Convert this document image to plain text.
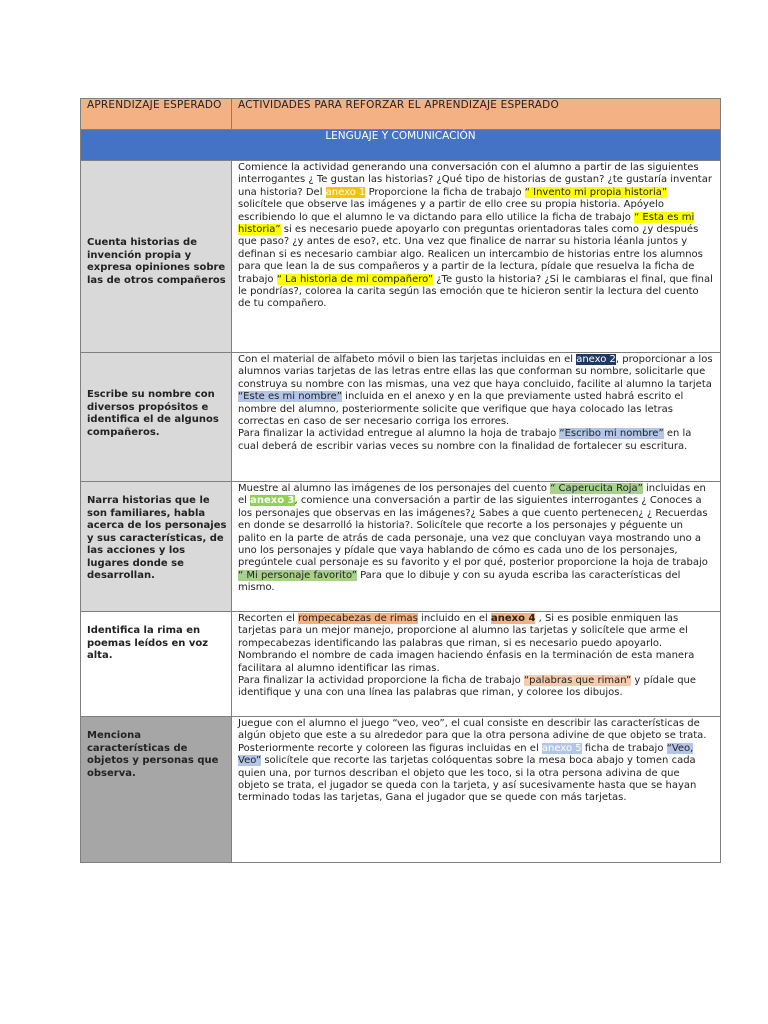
APRENDIZAJE ESPERADO	ACTIVIDADES PARA REFORZAR EL APRENDIZAJE ESPERADO

LENGUAJE Y COMUNICACIÓN	

Cuenta historias de invención propia y expresa opiniones sobre las de otros compañeros	Comience la actividad generando una conversación con el alumno a partir de las siguientes interrogantes ¿ Te gustan las historias? ¿Qué tipo de historias de gustan? ¿te gustaría inventar una historia? Del anexo 1 Proporcione la ficha de trabajo “ Invento mi propia historia” solicítele que observe las imágenes y a partir de ello cree su propia historia. Apóyelo escribiendo lo que el alumno le va dictando para ello utilice la ficha de trabajo “ Esta es mi historia” si es necesario puede apoyarlo con preguntas orientadoras tales como ¿y después que paso? ¿y antes de eso?, etc. Una vez que finalice de narrar su historia léanla juntos y definan si es necesario cambiar algo. Realicen un intercambio de historias entre los alumnos para que lean la de sus compañeros y a partir de la lectura, pídale que resuelva la ficha de trabajo “ La historia de mi compañero” ¿Te gusto la historia? ¿Si le cambiaras el final, que final le pondrías?, colorea la carita según las emoción que te hicieron sentir la lectura del cuento de tu compañero.

Escribe su nombre con diversos propósitos e identifica el de algunos compañeros.	Con el material de alfabeto móvil o bien las tarjetas incluidas en el anexo 2, proporcionar a los alumnos varias tarjetas de las letras entre ellas las que conforman su nombre, solicitarle que construya su nombre con las mismas, una vez que haya concluido, facilite al alumno la tarjeta “Este es mi nombre” incluida en el anexo y en la que previamente usted habrá escrito el nombre del alumno, posteriormente solicite que verifique que haya colocado las letras correctas en caso de ser necesario corriga los errores.
Para finalizar la actividad entregue al alumno la hoja de trabajo “Escribo mi nombre” en la cual deberá de escribir varias veces su nombre con la finalidad de fortalecer su escritura.

Narra historias que le son familiares, habla acerca de los personajes y sus características, de las acciones y los lugares donde se desarrollan.	Muestre al alumno las imágenes de los personajes del cuento “ Caperucita Roja” incluidas en el anexo 3, comience una conversación a partir de las siguientes interrogantes ¿ Conoces a los personajes que observas en las imágenes?¿ Sabes a que cuento pertenecen¿ ¿ Recuerdas en donde se desarrolló la historia?. Solicítele que recorte a los personajes y péguente un palito en la parte de atrás de cada personaje, una vez que concluyan vaya mostrando uno a uno los personajes y pídale que vaya hablando de cómo es cada uno de los personajes, pregúntele cual personaje es su favorito y el por qué, posterior proporcione la hoja de trabajo “ Mi personaje favorito” Para que lo dibuje y con su ayuda escriba las características del mismo.

Identifica la rima en poemas leídos en voz alta.	Recorten el rompecabezas de rimas incluido en el anexo 4 , Si es posible enmiquen las tarjetas para un mejor manejo, proporcione al alumno las tarjetas y solicítele que arme el rompecabezas identificando las palabras que riman, si es necesario puedo apoyarlo. Nombrando el nombre de cada imagen haciendo énfasis en la terminación de esta manera facilitara al alumno identificar las rimas.
Para finalizar la actividad proporcione la ficha de trabajo “palabras que riman” y pídale que identifique y una con una línea las palabras que riman, y coloree los dibujos.

Menciona características de objetos y personas que observa.	Juegue con el alumno el juego “veo, veo”, el cual consiste en describir las características de algún objeto que este a su alrededor para que la otra persona adivine de que objeto se trata.
Posteriormente recorte y coloreen las figuras incluidas en el anexo 5 ficha de trabajo “Veo, Veo” solicítele que recorte las tarjetas colóquentas sobre la mesa boca abajo y tomen cada quien una, por turnos describan el objeto que les toco, si la otra persona adivina de que objeto se trata, el jugador se queda con la tarjeta, y así sucesivamente hasta que se hayan terminado todas las tarjetas, Gana el jugador que se quede con más tarjetas.
